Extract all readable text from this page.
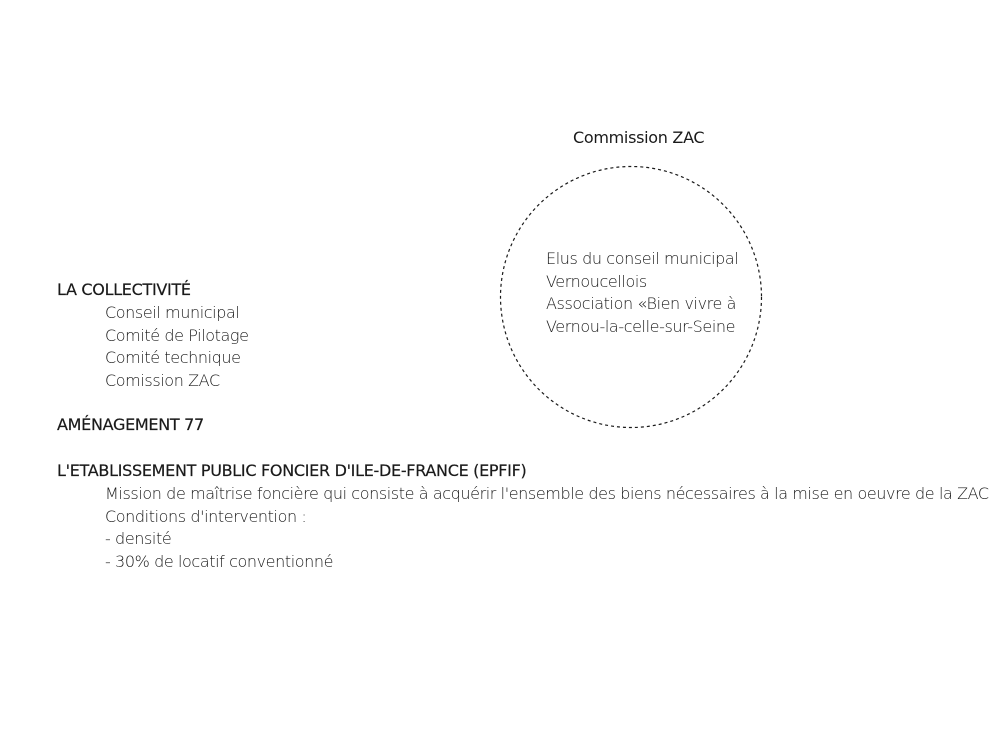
LA COLLECTIVITÉ
Conseil municipal
Comité de Pilotage
Comité technique
Comission ZAC
AMÉNAGEMENT 77
L'ETABLISSEMENT PUBLIC FONCIER D'ILE-DE-FRANCE (EPFIF)
Mission de maîtrise foncière qui consiste à acquérir l'ensemble des biens nécessaires à la mise en oeuvre de la ZAC
Conditions d'intervention :
- densité
- 30% de locatif conventionné
Commission ZAC
Elus du conseil municipal
Vernoucellois
Association «Bien vivre à
Vernou-la-celle-sur-Seine
